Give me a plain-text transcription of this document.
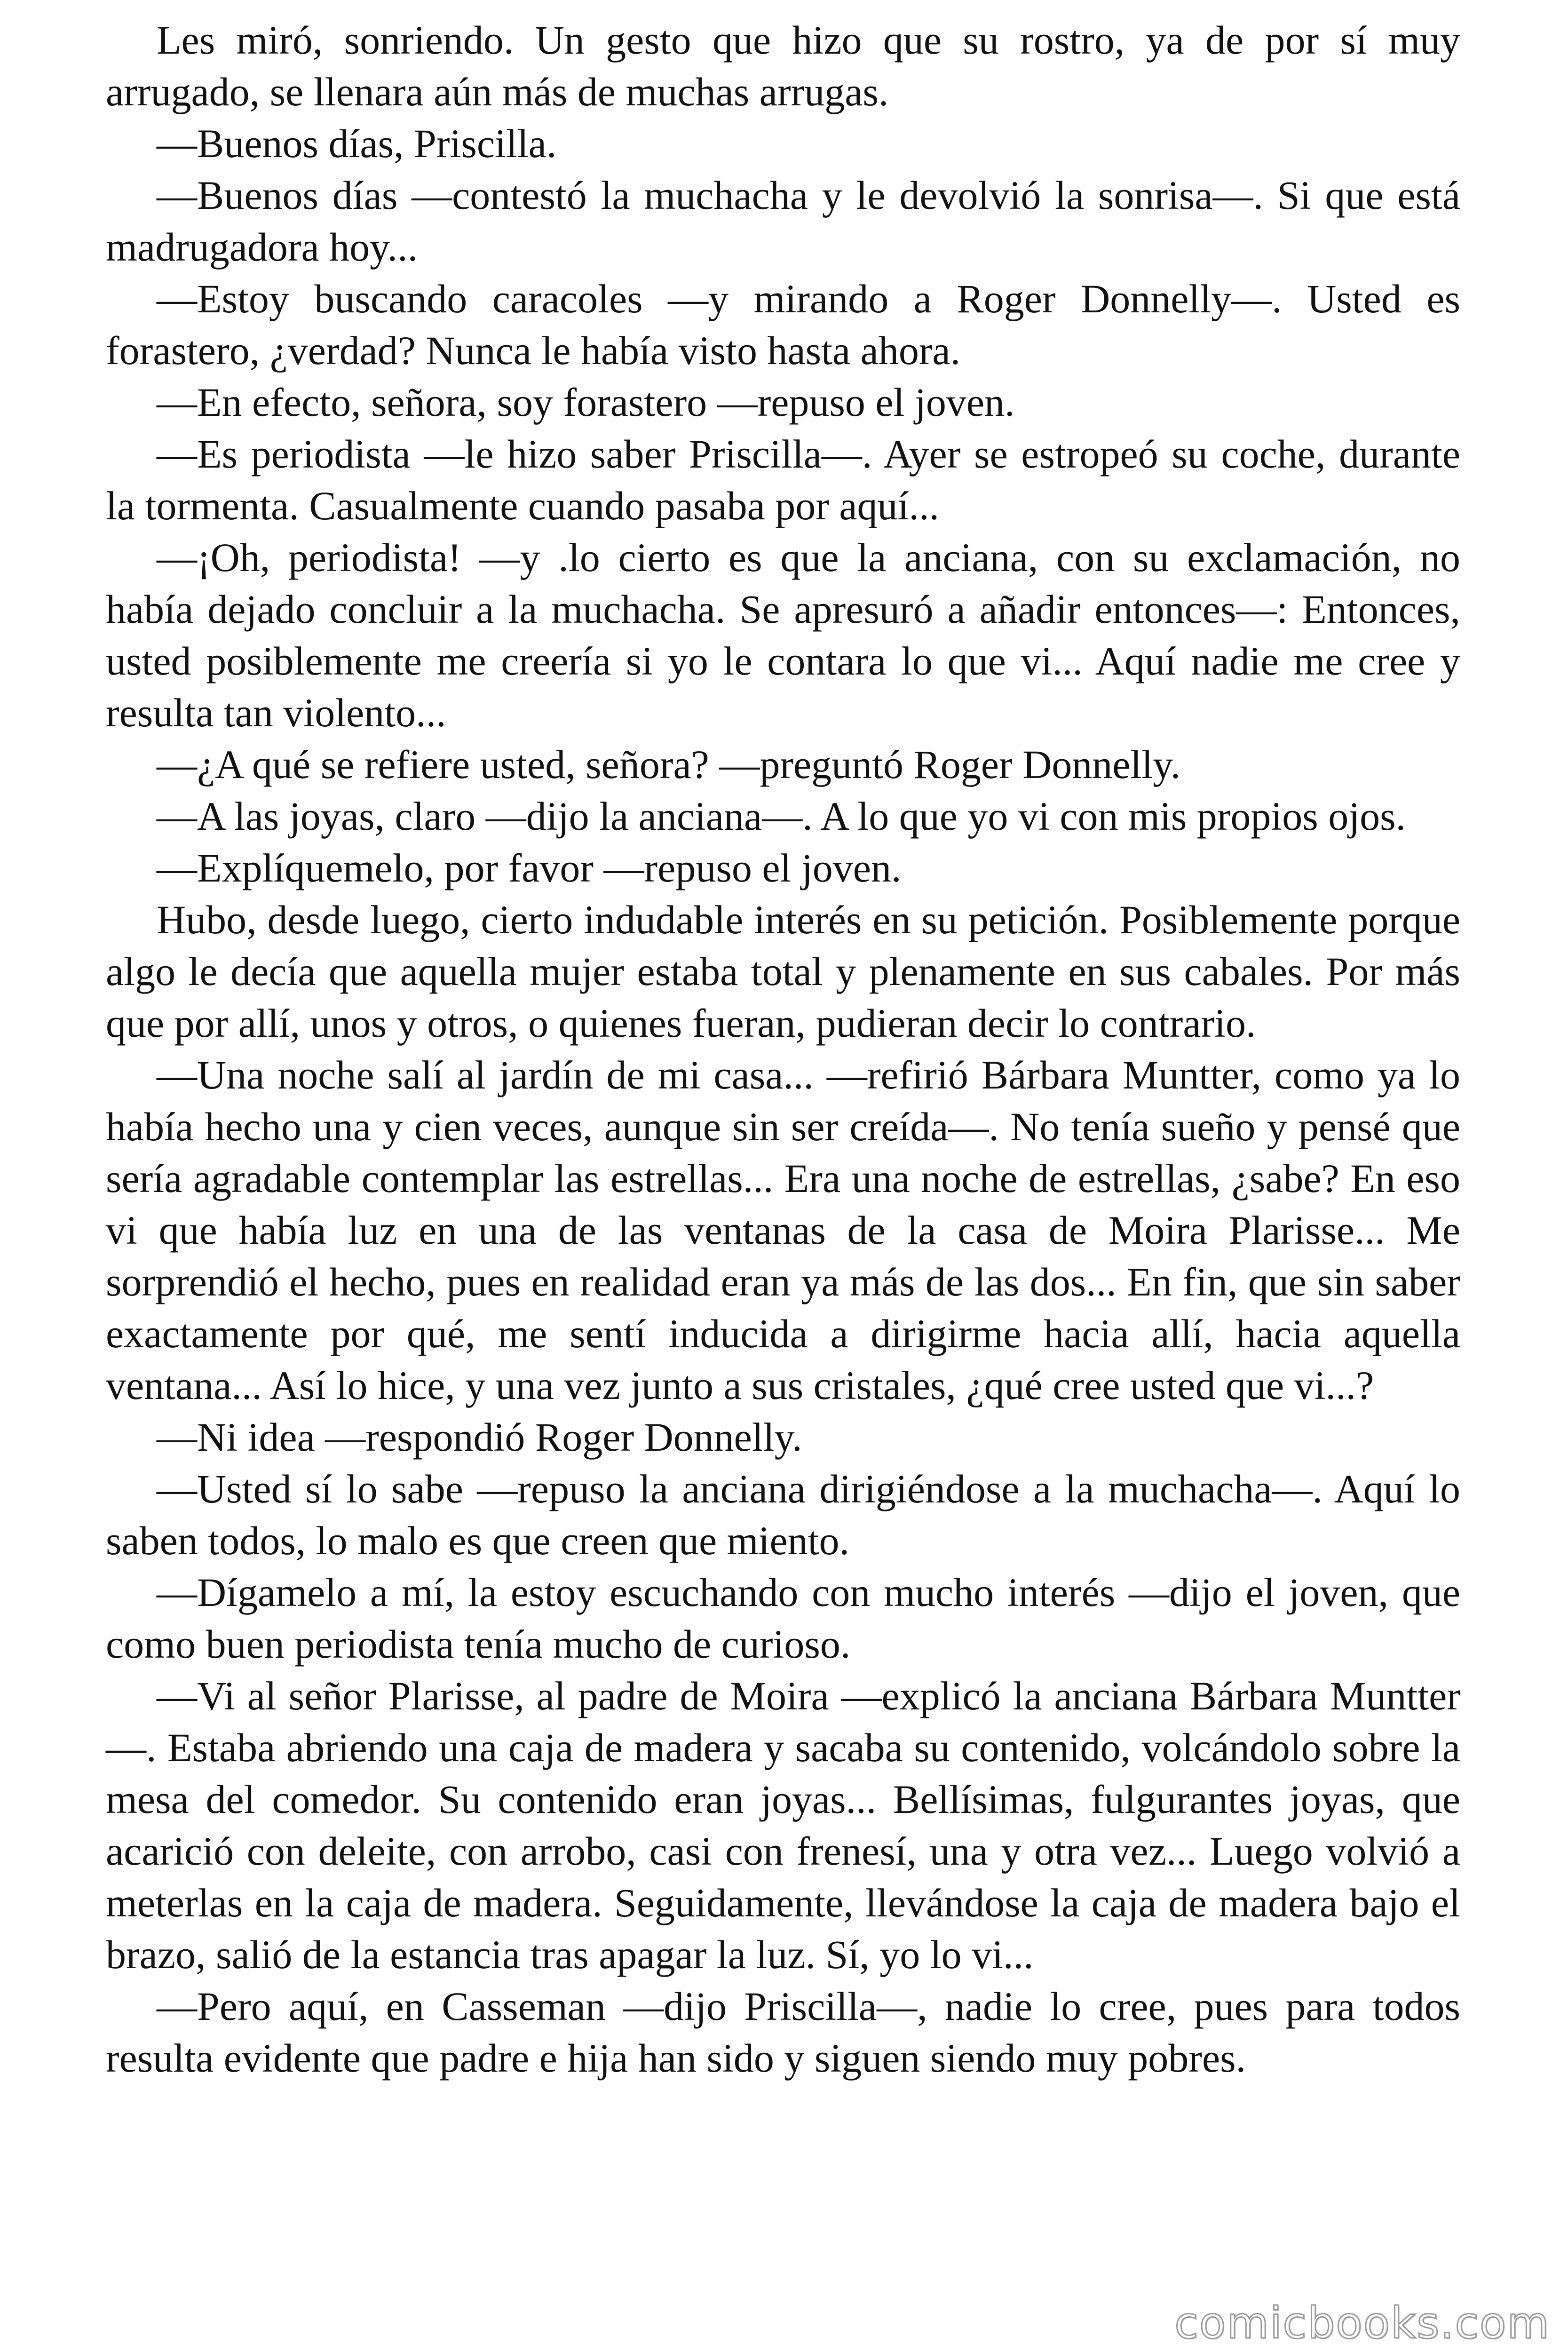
Les miró, sonriendo. Un gesto que hizo que su rostro, ya de por sí muy arrugado, se llenara aún más de muchas arrugas.

—Buenos días, Priscilla.

—Buenos días —contestó la muchacha y le devolvió la sonrisa—. Si que está madrugadora hoy...

—Estoy buscando caracoles —y mirando a Roger Donnelly—. Usted es forastero, ¿verdad? Nunca le había visto hasta ahora.

—En efecto, señora, soy forastero —repuso el joven.

—Es periodista —le hizo saber Priscilla—. Ayer se estropeó su coche, durante la tormenta. Casualmente cuando pasaba por aquí...

—¡Oh, periodista! —y .lo cierto es que la anciana, con su exclamación, no había dejado concluir a la muchacha. Se apresuró a añadir entonces—: Entonces, usted posiblemente me creería si yo le contara lo que vi... Aquí nadie me cree y resulta tan violento...

—¿A qué se refiere usted, señora? —preguntó Roger Donnelly.

—A las joyas, claro —dijo la anciana—. A lo que yo vi con mis propios ojos.

—Explíquemelo, por favor —repuso el joven.

Hubo, desde luego, cierto indudable interés en su petición. Posiblemente porque algo le decía que aquella mujer estaba total y plenamente en sus cabales. Por más que por allí, unos y otros, o quienes fueran, pudieran decir lo contrario.

—Una noche salí al jardín de mi casa... —refirió Bárbara Muntter, como ya lo había hecho una y cien veces, aunque sin ser creída—. No tenía sueño y pensé que sería agradable contemplar las estrellas... Era una noche de estrellas, ¿sabe? En eso vi que había luz en una de las ventanas de la casa de Moira Plarisse... Me sorprendió el hecho, pues en realidad eran ya más de las dos... En fin, que sin saber exactamente por qué, me sentí inducida a dirigirme hacia allí, hacia aquella ventana... Así lo hice, y una vez junto a sus cristales, ¿qué cree usted que vi...?

—Ni idea —respondió Roger Donnelly.

—Usted sí lo sabe —repuso la anciana dirigiéndose a la muchacha—. Aquí lo saben todos, lo malo es que creen que miento.

—Dígamelo a mí, la estoy escuchando con mucho interés —dijo el joven, que como buen periodista tenía mucho de curioso.

—Vi al señor Plarisse, al padre de Moira —explicó la anciana Bárbara Muntter—. Estaba abriendo una caja de madera y sacaba su contenido, volcándolo sobre la mesa del comedor. Su contenido eran joyas... Bellísimas, fulgurantes joyas, que acarició con deleite, con arrobo, casi con frenesí, una y otra vez... Luego volvió a meterlas en la caja de madera. Seguidamente, llevándose la caja de madera bajo el brazo, salió de la estancia tras apagar la luz. Sí, yo lo vi...

—Pero aquí, en Casseman —dijo Priscilla—, nadie lo cree, pues para todos resulta evidente que padre e hija han sido y siguen siendo muy pobres.

comicbooks.com
